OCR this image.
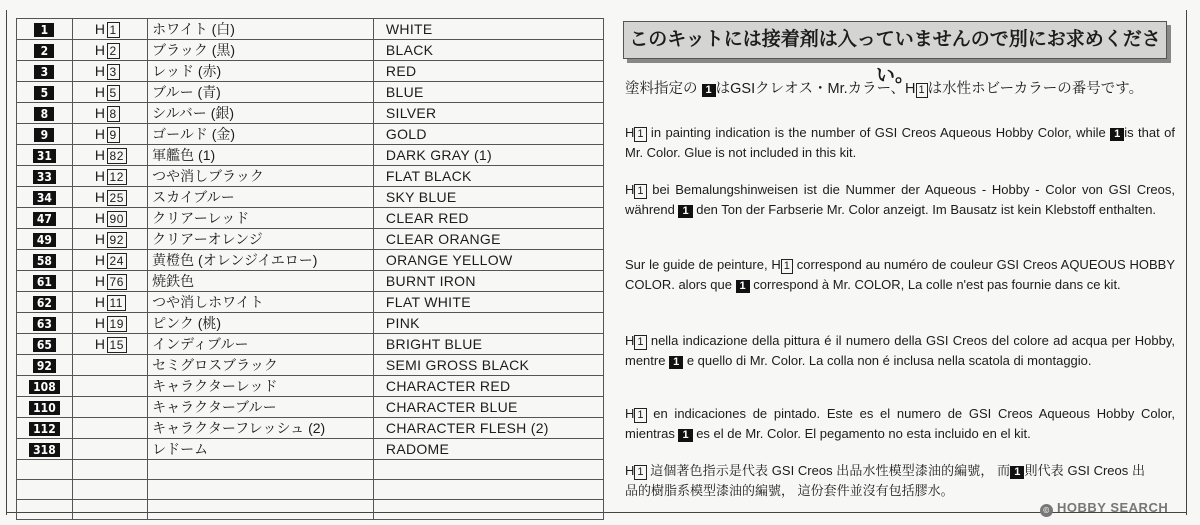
1	H 1	ホワイト (白)	WHITE
2	H 2	ブラック (黒)	BLACK
3	H 3	レッド (赤)	RED
5	H 5	ブルー (青)	BLUE
8	H 8	シルバー (銀)	SILVER
9	H 9	ゴールド (金)	GOLD
31	H 82	軍艦色 (1)	DARK GRAY (1)
33	H 12	つや消しブラック	FLAT BLACK
34	H 25	スカイブルー	SKY BLUE
47	H 90	クリアーレッド	CLEAR RED
49	H 92	クリアーオレンジ	CLEAR ORANGE
58	H 24	黄橙色 (オレンジイエロー)	ORANGE YELLOW
61	H 76	焼鉄色	BURNT IRON
62	H 11	つや消しホワイト	FLAT WHITE
63	H 19	ピンク (桃)	PINK
65	H 15	インディブルー	BRIGHT BLUE
92		セミグロスブラック	SEMI GROSS BLACK
108		キャラクターレッド	CHARACTER RED
110		キャラクターブルー	CHARACTER BLUE
112		キャラクターフレッシュ (2)	CHARACTER FLESH (2)
318		レドーム	RADOME

このキットには接着剤は入っていませんので別にお求めください。
塗料指定の 1 はGSIクレオス・Mr.カラー、H 1 は水性ホビーカラーの番号です。
H 1 in painting indication is the number of GSI Creos Aqueous Hobby Color, while 1 is that of Mr. Color. Glue is not included in this kit.
H 1 bei Bemalungshinweisen ist die Nummer der Aqueous - Hobby - Color von GSI Creos, während 1 den Ton der Farbserie Mr. Color anzeigt. Im Bausatz ist kein Klebstoff enthalten.
Sur le guide de peinture, H 1 correspond au numéro de couleur GSI Creos AQUEOUS HOBBY COLOR. alors que 1 correspond à Mr. COLOR, La colle n'est pas fournie dans ce kit.
H 1 nella indicazione della pittura é il numero della GSI Creos del colore ad acqua per Hobby, mentre 1 e quello di Mr. Color. La colla non é inclusa nella scatola di montaggio.
H 1 en indicaciones de pintado. Este es el numero de GSI Creos Aqueous Hobby Color, mientras 1 es el de Mr. Color. El pegamento no esta incluido en el kit.
H 1 這個著色指示是代表 GSI Creos 出品水性模型漆油的編號， 而 1 則代表 GSI Creos 出品的樹脂系模型漆油的編號， 這份套件並沒有包括膠水。
© HOBBY SEARCH
